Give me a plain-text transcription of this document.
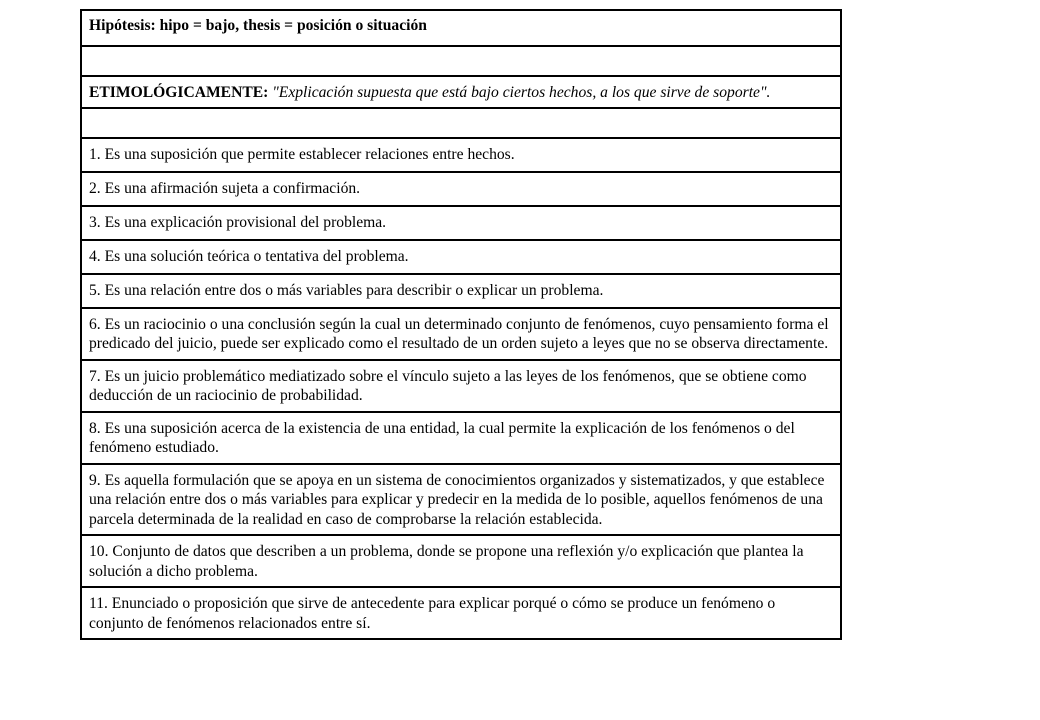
Hipótesis: hipo = bajo, thesis = posición o situación

ETIMOLÓGICAMENTE: "Explicación supuesta que está bajo ciertos hechos, a los que sirve de soporte".

1. Es una suposición que permite establecer relaciones entre hechos.
2. Es una afirmación sujeta a confirmación.
3. Es una explicación provisional del problema.
4. Es una solución teórica o tentativa del problema.
5. Es una relación entre dos o más variables para describir o explicar un problema.
6. Es un raciocinio o una conclusión según la cual un determinado conjunto de fenómenos, cuyo pensamiento forma el predicado del juicio, puede ser explicado como el resultado de un orden sujeto a leyes que no se observa directamente.
7. Es un juicio problemático mediatizado sobre el vínculo sujeto a las leyes de los fenómenos, que se obtiene como deducción de un raciocinio de probabilidad.
8. Es una suposición acerca de la existencia de una entidad, la cual permite la explicación de los fenómenos o del fenómeno estudiado.
9. Es aquella formulación que se apoya en un sistema de conocimientos organizados y sistematizados, y que establece una relación entre dos o más variables para explicar y predecir en la medida de lo posible, aquellos fenómenos de una parcela determinada de la realidad en caso de comprobarse la relación establecida.
10. Conjunto de datos que describen a un problema, donde se propone una reflexión y/o explicación que plantea la solución a dicho problema.
11. Enunciado o proposición que sirve de antecedente para explicar porqué o cómo se produce un fenómeno o conjunto de fenómenos relacionados entre sí.
